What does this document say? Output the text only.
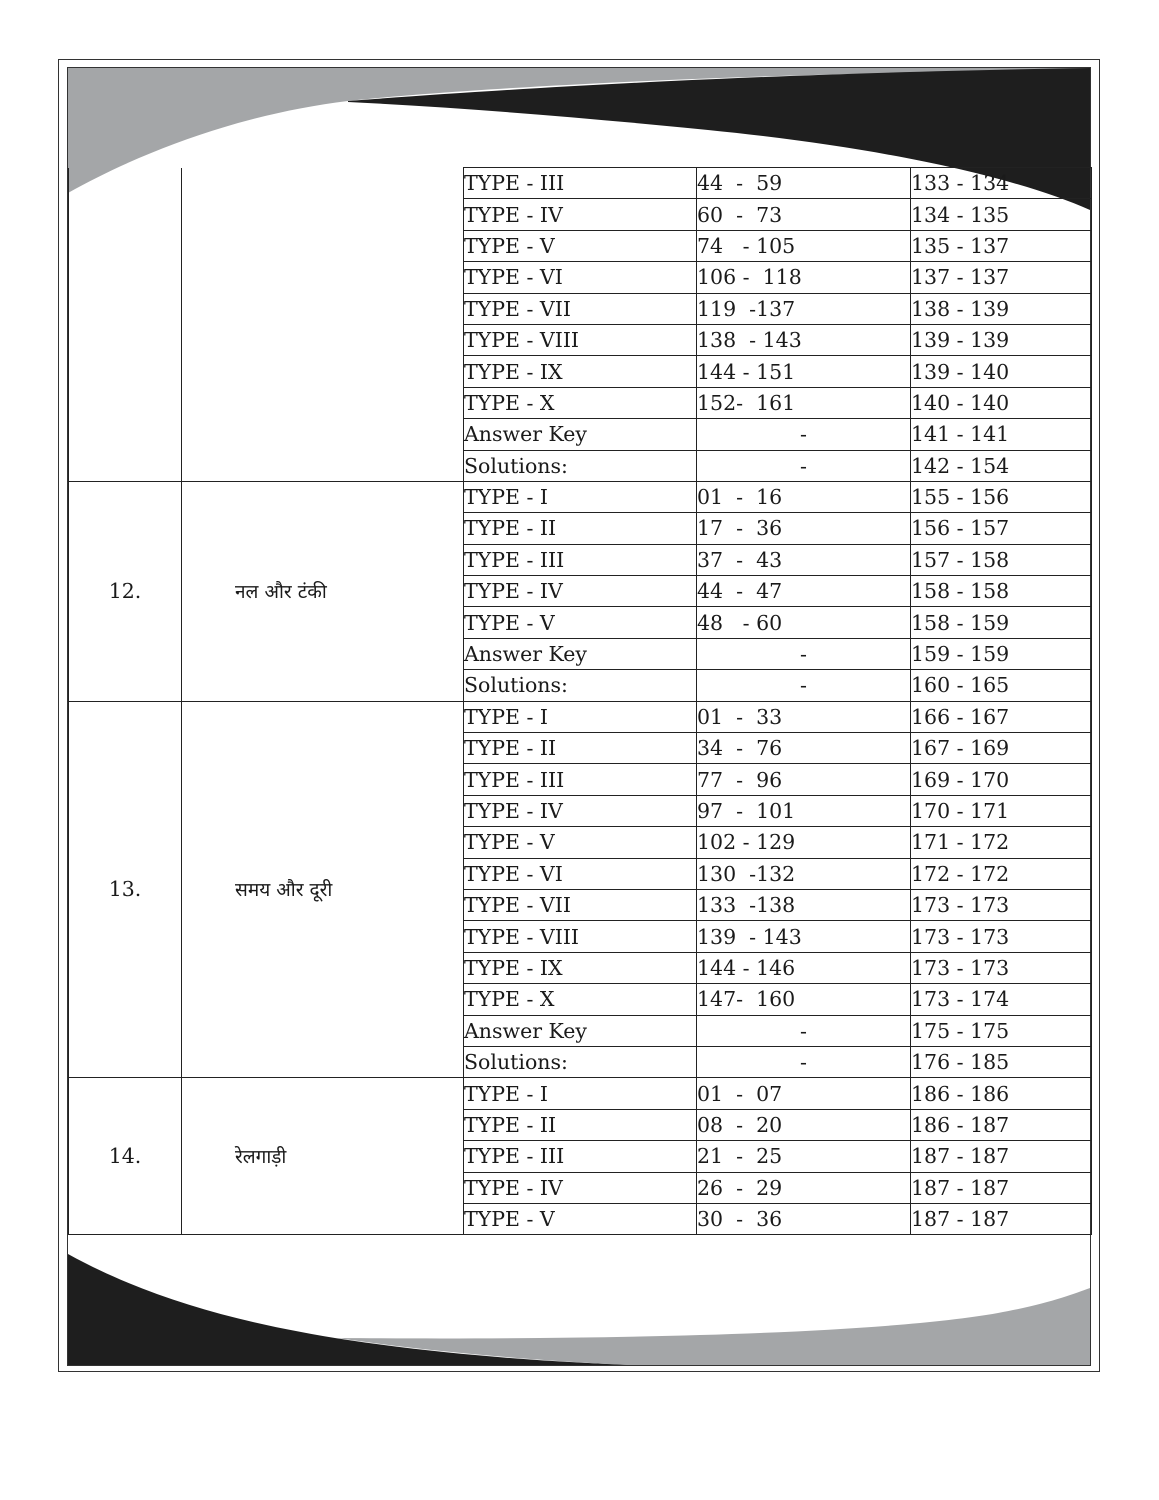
		TYPE - III	44  -  59	133 - 134
		TYPE - IV	60  -  73	134 - 135
		TYPE - V	74   - 105	135 - 137
		TYPE - VI	106 -  118	137 - 137
		TYPE - VII	119  -137	138 - 139
		TYPE - VIII	138  - 143	139 - 139
		TYPE - IX	144 - 151	139 - 140
		TYPE - X	152-  161	140 - 140
		Answer Key	-	141 - 141
		Solutions:	-	142 - 154
12.	नल और टंकी	TYPE - I	01  -  16	155 - 156
		TYPE - II	17  -  36	156 - 157
		TYPE - III	37  -  43	157 - 158
		TYPE - IV	44  -  47	158 - 158
		TYPE - V	48   - 60	158 - 159
		Answer Key	-	159 - 159
		Solutions:	-	160 - 165
13.	समय और दूरी	TYPE - I	01  -  33	166 - 167
		TYPE - II	34  -  76	167 - 169
		TYPE - III	77  -  96	169 - 170
		TYPE - IV	97  -  101	170 - 171
		TYPE - V	102 - 129	171 - 172
		TYPE - VI	130  -132	172 - 172
		TYPE - VII	133  -138	173 - 173
		TYPE - VIII	139  - 143	173 - 173
		TYPE - IX	144 - 146	173 - 173
		TYPE - X	147-  160	173 - 174
		Answer Key	-	175 - 175
		Solutions:	-	176 - 185
14.	रेलगाड़ी	TYPE - I	01  -  07	186 - 186
		TYPE - II	08  -  20	186 - 187
		TYPE - III	21  -  25	187 - 187
		TYPE - IV	26  -  29	187 - 187
		TYPE - V	30  -  36	187 - 187
